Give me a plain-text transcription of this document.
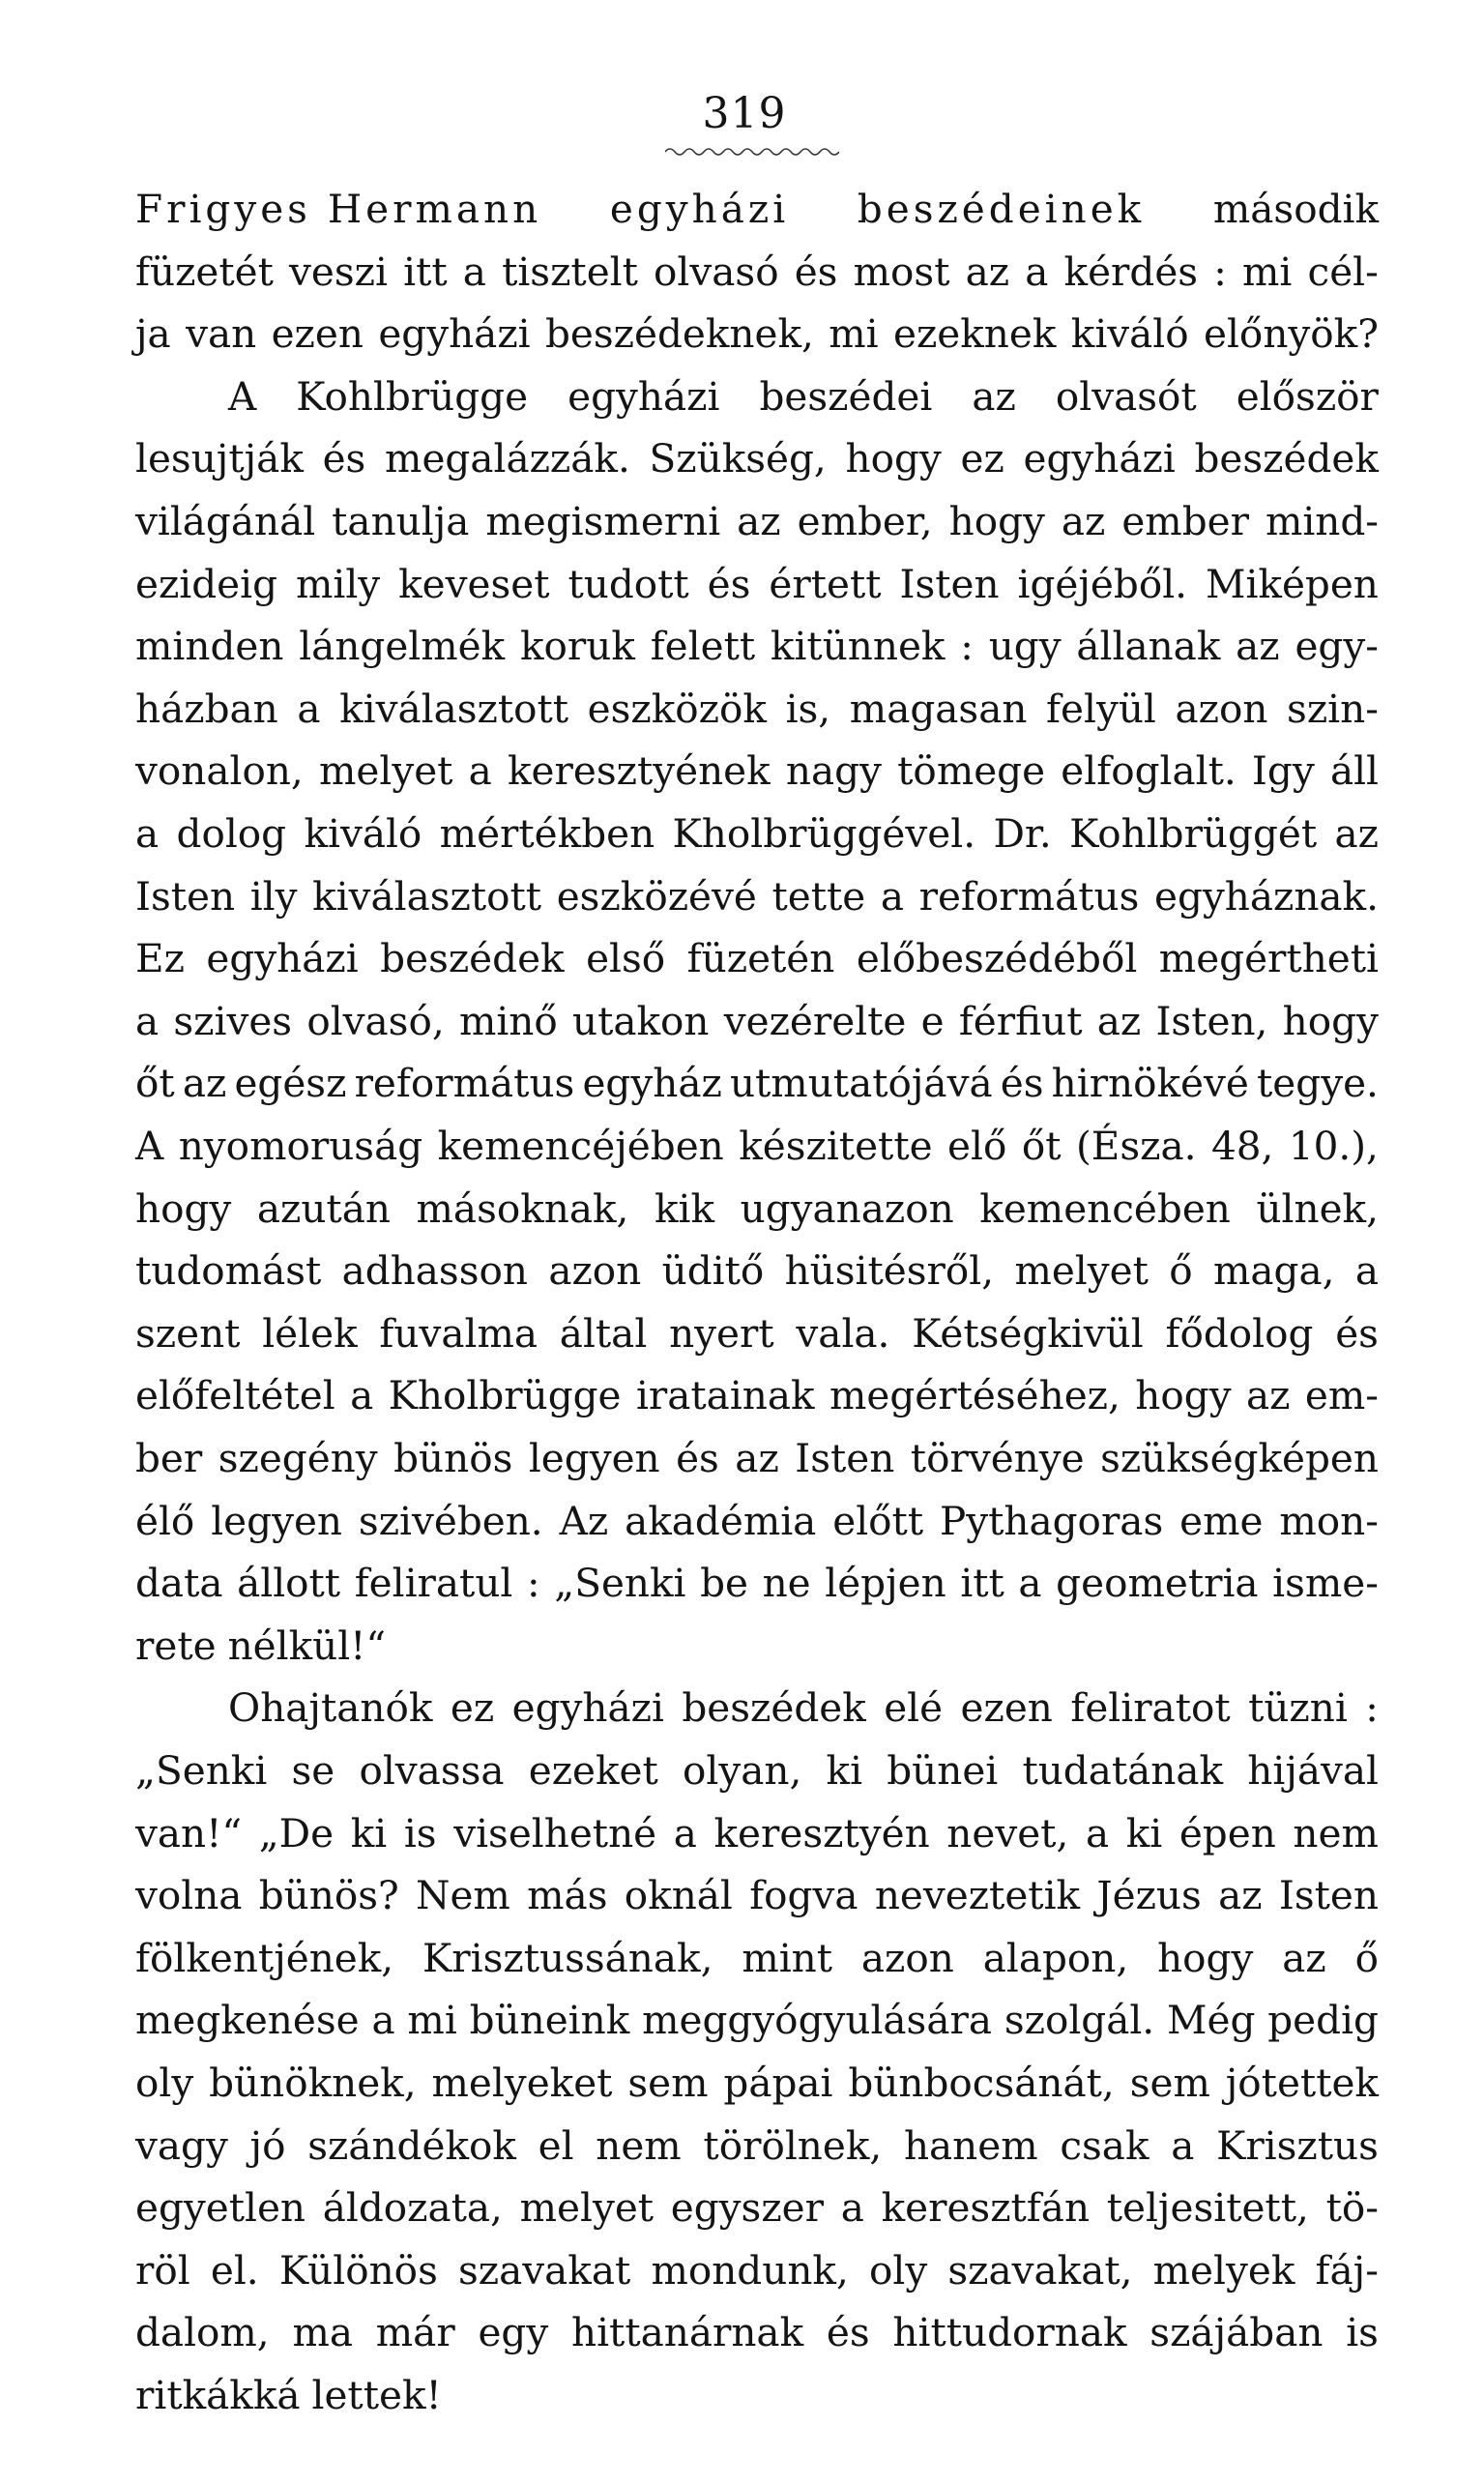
319
Frigyes Hermann egyházi beszédeinek második
füzetét veszi itt a tisztelt olvasó és most az a kérdés : mi cél-
ja van ezen egyházi beszédeknek, mi ezeknek kiváló előnyök?
A Kohlbrügge egyházi beszédei az olvasót először
lesujtják és megalázzák. Szükség, hogy ez egyházi beszédek
világánál tanulja megismerni az ember, hogy az ember mind-
ezideig mily keveset tudott és értett Isten igéjéből. Miképen
minden lángelmék koruk felett kitünnek : ugy állanak az egy-
házban a kiválasztott eszközök is, magasan felyül azon szin-
vonalon, melyet a keresztyének nagy tömege elfoglalt. Igy áll
a dolog kiváló mértékben Kholbrüggével. Dr. Kohlbrüggét az
Isten ily kiválasztott eszközévé tette a református egyháznak.
Ez egyházi beszédek első füzetén előbeszédéből megértheti
a szives olvasó, minő utakon vezérelte e férfiut az Isten, hogy
őt az egész református egyház utmutatójává és hirnökévé tegye.
A nyomoruság kemencéjében készitette elő őt (Észa. 48, 10.),
hogy azután másoknak, kik ugyanazon kemencében ülnek,
tudomást adhasson azon üditő hüsitésről, melyet ő maga, a
szent lélek fuvalma által nyert vala. Kétségkivül fődolog és
előfeltétel a Kholbrügge iratainak megértéséhez, hogy az em-
ber szegény bünös legyen és az Isten törvénye szükségképen
élő legyen szivében. Az akadémia előtt Pythagoras eme mon-
data állott feliratul : „Senki be ne lépjen itt a geometria isme-
rete nélkül!“
Ohajtanók ez egyházi beszédek elé ezen feliratot tüzni :
„Senki se olvassa ezeket olyan, ki bünei tudatának hijával
van!“ „De ki is viselhetné a keresztyén nevet, a ki épen nem
volna bünös? Nem más oknál fogva neveztetik Jézus az Isten
fölkentjének, Krisztussának, mint azon alapon, hogy az ő
megkenése a mi büneink meggyógyulására szolgál. Még pedig
oly bünöknek, melyeket sem pápai bünbocsánát, sem jótettek
vagy jó szándékok el nem törölnek, hanem csak a Krisztus
egyetlen áldozata, melyet egyszer a keresztfán teljesitett, tö-
röl el. Különös szavakat mondunk, oly szavakat, melyek fáj-
dalom, ma már egy hittanárnak és hittudornak szájában is
ritkákká lettek!
